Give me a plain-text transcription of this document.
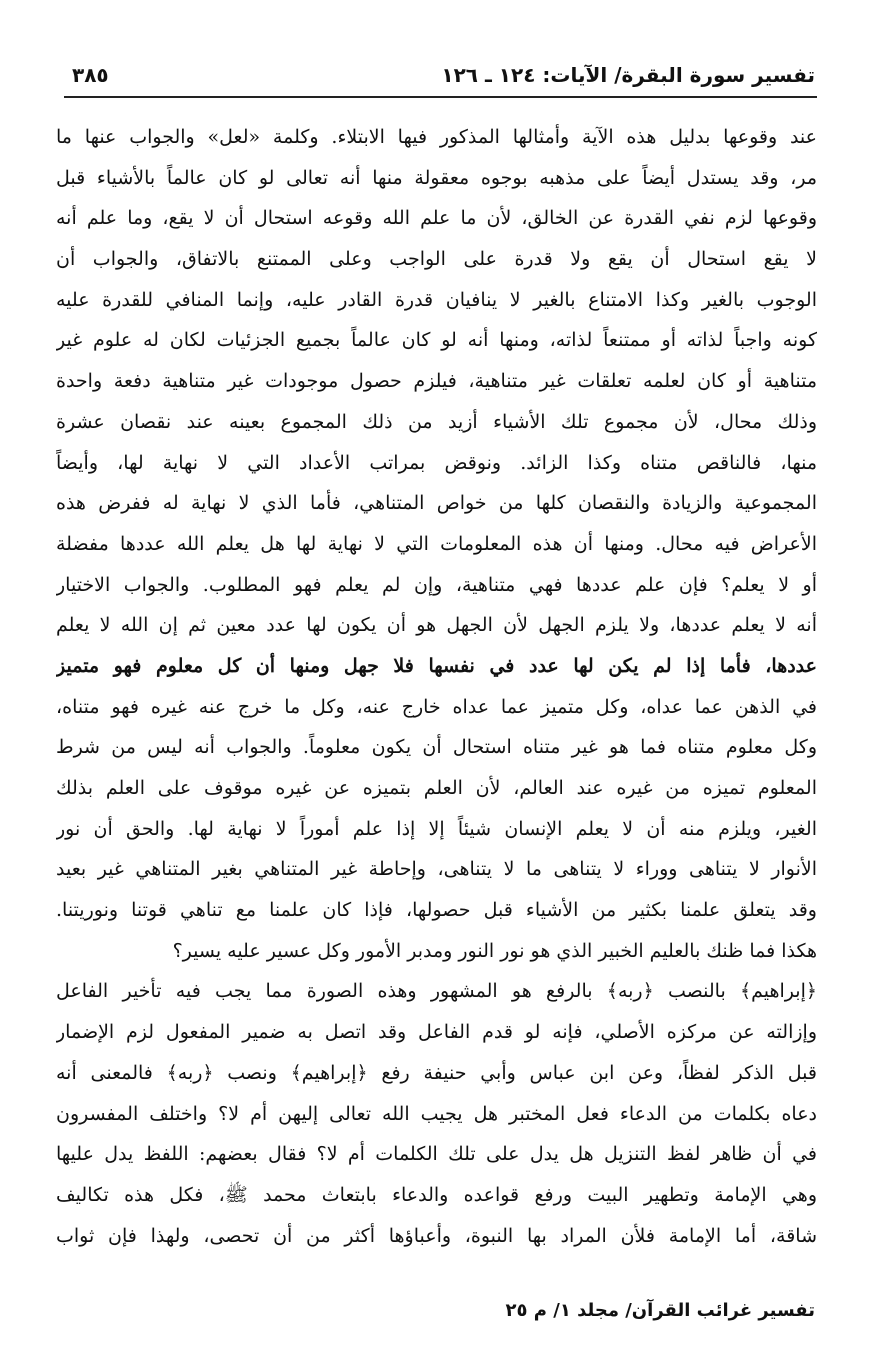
تفسير سورة البقرة/ الآيات: ١٢٤ ـ ١٢٦
٣٨٥
عند وقوعها بدليل هذه الآية وأمثالها المذكور فيها الابتلاء. وكلمة «لعل» والجواب عنها ما
مر، وقد يستدل أيضاً على مذهبه بوجوه معقولة منها أنه تعالى لو كان عالماً بالأشياء قبل
وقوعها لزم نفي القدرة عن الخالق، لأن ما علم الله وقوعه استحال أن لا يقع، وما علم أنه
لا يقع استحال أن يقع ولا قدرة على الواجب وعلى الممتنع بالاتفاق، والجواب أن
الوجوب بالغير وكذا الامتناع بالغير لا ينافيان قدرة القادر عليه، وإنما المنافي للقدرة عليه
كونه واجباً لذاته أو ممتنعاً لذاته، ومنها أنه لو كان عالماً بجميع الجزئيات لكان له علوم غير
متناهية أو كان لعلمه تعلقات غير متناهية، فيلزم حصول موجودات غير متناهية دفعة واحدة
وذلك محال، لأن مجموع تلك الأشياء أزيد من ذلك المجموع بعينه عند نقصان عشرة
منها، فالناقص متناه وكذا الزائد. ونوقض بمراتب الأعداد التي لا نهاية لها، وأيضاً
المجموعية والزيادة والنقصان كلها من خواص المتناهي، فأما الذي لا نهاية له ففرض هذه
الأعراض فيه محال. ومنها أن هذه المعلومات التي لا نهاية لها هل يعلم الله عددها مفضلة
أو لا يعلم؟ فإن علم عددها فهي متناهية، وإن لم يعلم فهو المطلوب. والجواب الاختيار
أنه لا يعلم عددها، ولا يلزم الجهل لأن الجهل هو أن يكون لها عدد معين ثم إن الله لا يعلم
عددها، فأما إذا لم يكن لها عدد في نفسها فلا جهل ومنها أن كل معلوم فهو متميز
في الذهن عما عداه، وكل متميز عما عداه خارج عنه، وكل ما خرج عنه غيره فهو متناه،
وكل معلوم متناه فما هو غير متناه استحال أن يكون معلوماً. والجواب أنه ليس من شرط
المعلوم تميزه من غيره عند العالم، لأن العلم بتميزه عن غيره موقوف على العلم بذلك
الغير، ويلزم منه أن لا يعلم الإنسان شيئاً إلا إذا علم أموراً لا نهاية لها. والحق أن نور
الأنوار لا يتناهى ووراء لا يتناهى ما لا يتناهى، وإحاطة غير المتناهي بغير المتناهي غير بعيد
وقد يتعلق علمنا بكثير من الأشياء قبل حصولها، فإذا كان علمنا مع تناهي قوتنا ونوريتنا.
هكذا فما ظنك بالعليم الخبير الذي هو نور النور ومدبر الأمور وكل عسير عليه يسير؟
﴿إبراهيم﴾ بالنصب ﴿ربه﴾ بالرفع هو المشهور وهذه الصورة مما يجب فيه تأخير الفاعل
وإزالته عن مركزه الأصلي، فإنه لو قدم الفاعل وقد اتصل به ضمير المفعول لزم الإضمار
قبل الذكر لفظاً، وعن ابن عباس وأبي حنيفة رفع ﴿إبراهيم﴾ ونصب ﴿ربه﴾ فالمعنى أنه
دعاه بكلمات من الدعاء فعل المختبر هل يجيب الله تعالى إليهن أم لا؟ واختلف المفسرون
في أن ظاهر لفظ التنزيل هل يدل على تلك الكلمات أم لا؟ فقال بعضهم: اللفظ يدل عليها
وهي الإمامة وتطهير البيت ورفع قواعده والدعاء بابتعاث محمد ﷺ، فكل هذه تكاليف
شاقة، أما الإمامة فلأن المراد بها النبوة، وأعباؤها أكثر من أن تحصى، ولهذا فإن ثواب
تفسير غرائب القرآن/ مجلد ١/ م ٢٥
